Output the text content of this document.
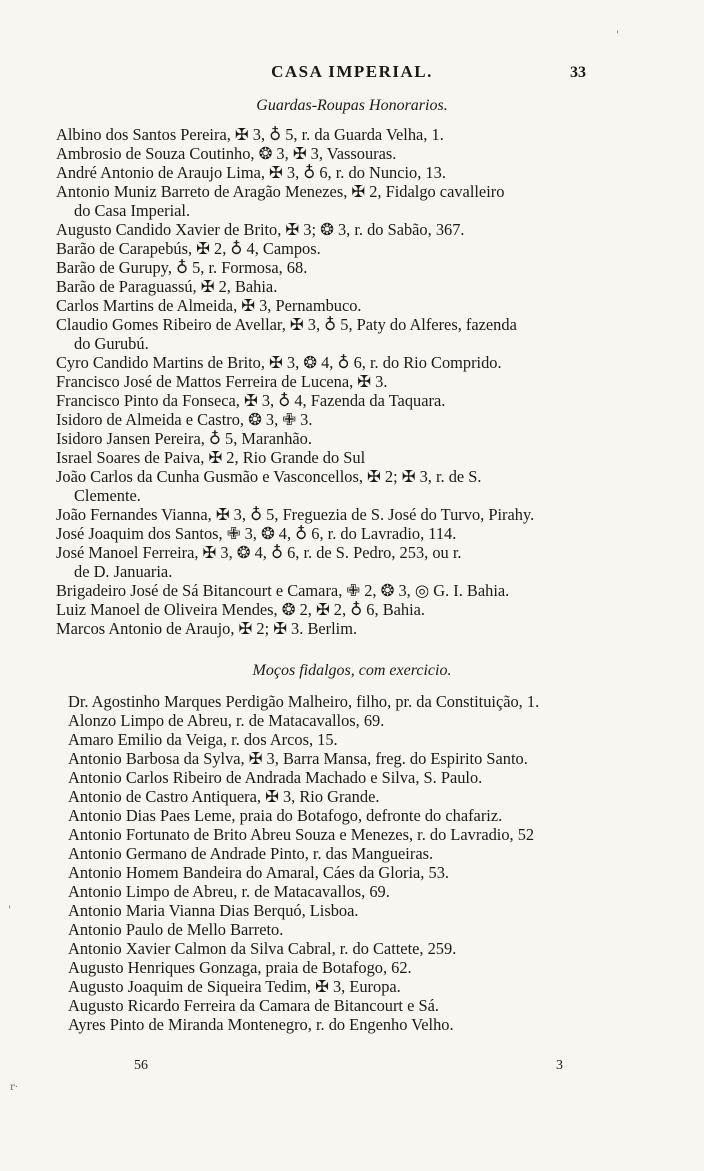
CASA IMPERIAL.	33
Guardas-Roupas Honorarios.
Albino dos Santos Pereira, ✠ 3, ♁ 5, r. da Guarda Velha, 1.
Ambrosio de Souza Coutinho, ❂ 3, ✠ 3, Vassouras.
André Antonio de Araujo Lima, ✠ 3, ♁ 6, r. do Nuncio, 13.
Antonio Muniz Barreto de Aragão Menezes, ✠ 2, Fidalgo cavalleiro
do Casa Imperial.
Augusto Candido Xavier de Brito, ✠ 3; ❂ 3, r. do Sabão, 367.
Barão de Carapebús, ✠ 2, ♁ 4, Campos.
Barão de Gurupy, ♁ 5, r. Formosa, 68.
Barão de Paraguassú, ✠ 2, Bahia.
Carlos Martins de Almeida, ✠ 3, Pernambuco.
Claudio Gomes Ribeiro de Avellar, ✠ 3, ♁ 5, Paty do Alferes, fazenda
do Gurubú.
Cyro Candido Martins de Brito, ✠ 3, ❂ 4, ♁ 6, r. do Rio Comprido.
Francisco José de Mattos Ferreira de Lucena, ✠ 3.
Francisco Pinto da Fonseca, ✠ 3, ♁ 4, Fazenda da Taquara.
Isidoro de Almeida e Castro, ❂ 3, ✙ 3.
Isidoro Jansen Pereira, ♁ 5, Maranhão.
Israel Soares de Paiva, ✠ 2, Rio Grande do Sul
João Carlos da Cunha Gusmão e Vasconcellos, ✠ 2; ✠ 3, r. de S.
Clemente.
João Fernandes Vianna, ✠ 3, ♁ 5, Freguezia de S. José do Turvo, Pirahy.
José Joaquim dos Santos, ✙ 3, ❂ 4, ♁ 6, r. do Lavradio, 114.
José Manoel Ferreira, ✠ 3, ❂ 4, ♁ 6, r. de S. Pedro, 253, ou r.
de D. Januaria.
Brigadeiro José de Sá Bitancourt e Camara, ✙ 2, ❂ 3, ◎ G. I. Bahia.
Luiz Manoel de Oliveira Mendes, ❂ 2, ✠ 2, ♁ 6, Bahia.
Marcos Antonio de Araujo, ✠ 2; ✠ 3. Berlim.
Moços fidalgos, com exercicio.
Dr. Agostinho Marques Perdigão Malheiro, filho, pr. da Constituição, 1.
Alonzo Limpo de Abreu, r. de Matacavallos, 69.
Amaro Emilio da Veiga, r. dos Arcos, 15.
Antonio Barbosa da Sylva, ✠ 3, Barra Mansa, freg. do Espirito Santo.
Antonio Carlos Ribeiro de Andrada Machado e Silva, S. Paulo.
Antonio de Castro Antiquera, ✠ 3, Rio Grande.
Antonio Dias Paes Leme, praia do Botafogo, defronte do chafariz.
Antonio Fortunato de Brito Abreu Souza e Menezes, r. do Lavradio, 52
Antonio Germano de Andrade Pinto, r. das Mangueiras.
Antonio Homem Bandeira do Amaral, Cáes da Gloria, 53.
Antonio Limpo de Abreu, r. de Matacavallos, 69.
Antonio Maria Vianna Dias Berquó, Lisboa.
Antonio Paulo de Mello Barreto.
Antonio Xavier Calmon da Silva Cabral, r. do Cattete, 259.
Augusto Henriques Gonzaga, praia de Botafogo, 62.
Augusto Joaquim de Siqueira Tedim, ✠ 3, Europa.
Augusto Ricardo Ferreira da Camara de Bitancourt e Sá.
Ayres Pinto de Miranda Montenegro, r. do Engenho Velho.
56	3
'
r·
'
